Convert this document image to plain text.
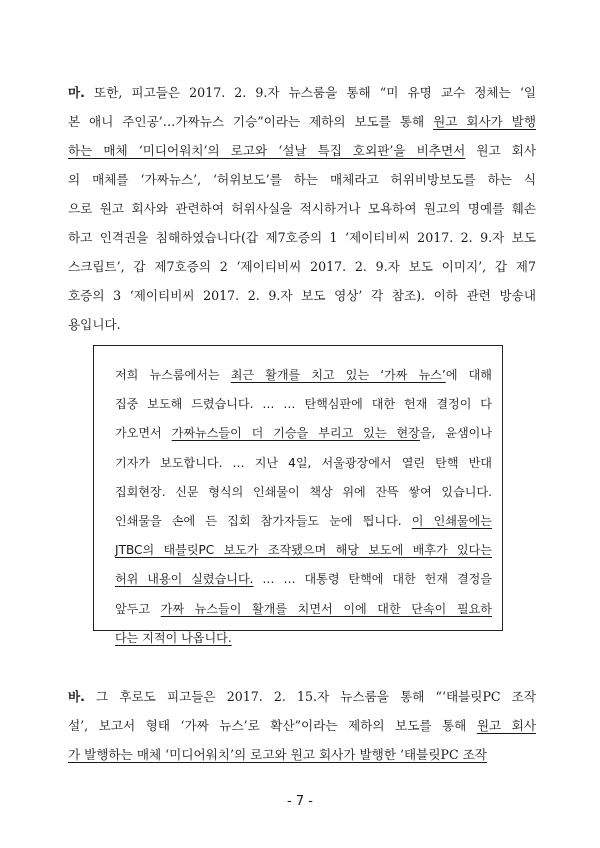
마. 또한, 피고들은 2017. 2. 9.자 뉴스룸을 통해 “미 유명 교수 정체는 ‘일
본 애니 주인공’…가짜뉴스 기승”이라는 제하의 보도를 통해 원고 회사가 발행
하는 매체 ‘미디어워치’의 로고와 ‘설날 특집 호외판’을 비추면서 원고 회사
의 매체를 ‘가짜뉴스’, ‘허위보도’를 하는 매체라고 허위비방보도를 하는 식
으로 원고 회사와 관련하여 허위사실을 적시하거나 모욕하여 원고의 명예를 훼손
하고 인격권을 침해하였습니다(갑 제7호증의 1 ‘제이티비씨 2017. 2. 9.자 보도
스크립트’, 갑 제7호증의 2 ‘제이티비씨 2017. 2. 9.자 보도 이미지’, 갑 제7
호증의 3 ‘제이티비씨 2017. 2. 9.자 보도 영상’ 각 참조). 이하 관련 방송내
용입니다.
저희 뉴스룸에서는 최근 활개를 치고 있는 ‘가짜 뉴스’에 대해
집중 보도해 드렸습니다. … … 탄핵심판에 대한 헌재 결정이 다
가오면서 가짜뉴스들이 더 기승을 부리고 있는 현장을, 윤샘이나
기자가 보도합니다. … 지난 4일, 서울광장에서 열린 탄핵 반대
집회현장. 신문 형식의 인쇄물이 책상 위에 잔뜩 쌓여 있습니다.
인쇄물을 손에 든 집회 참가자들도 눈에 띕니다. 이 인쇄물에는
JTBC의 태블릿PC 보도가 조작됐으며 해당 보도에 배후가 있다는
허위 내용이 실렸습니다. … … 대통령 탄핵에 대한 헌재 결정을
앞두고 가짜 뉴스들이 활개를 치면서 이에 대한 단속이 필요하
다는 지적이 나옵니다.
바. 그 후로도 피고들은 2017. 2. 15.자 뉴스룸을 통해 “‘태블릿PC 조작
설’, 보고서 형태 ‘가짜 뉴스’로 확산”이라는 제하의 보도를 통해 원고 회사
가 발행하는 매체 ‘미디어워치’의 로고와 원고 회사가 발행한 ‘태블릿PC 조작
- 7 -
